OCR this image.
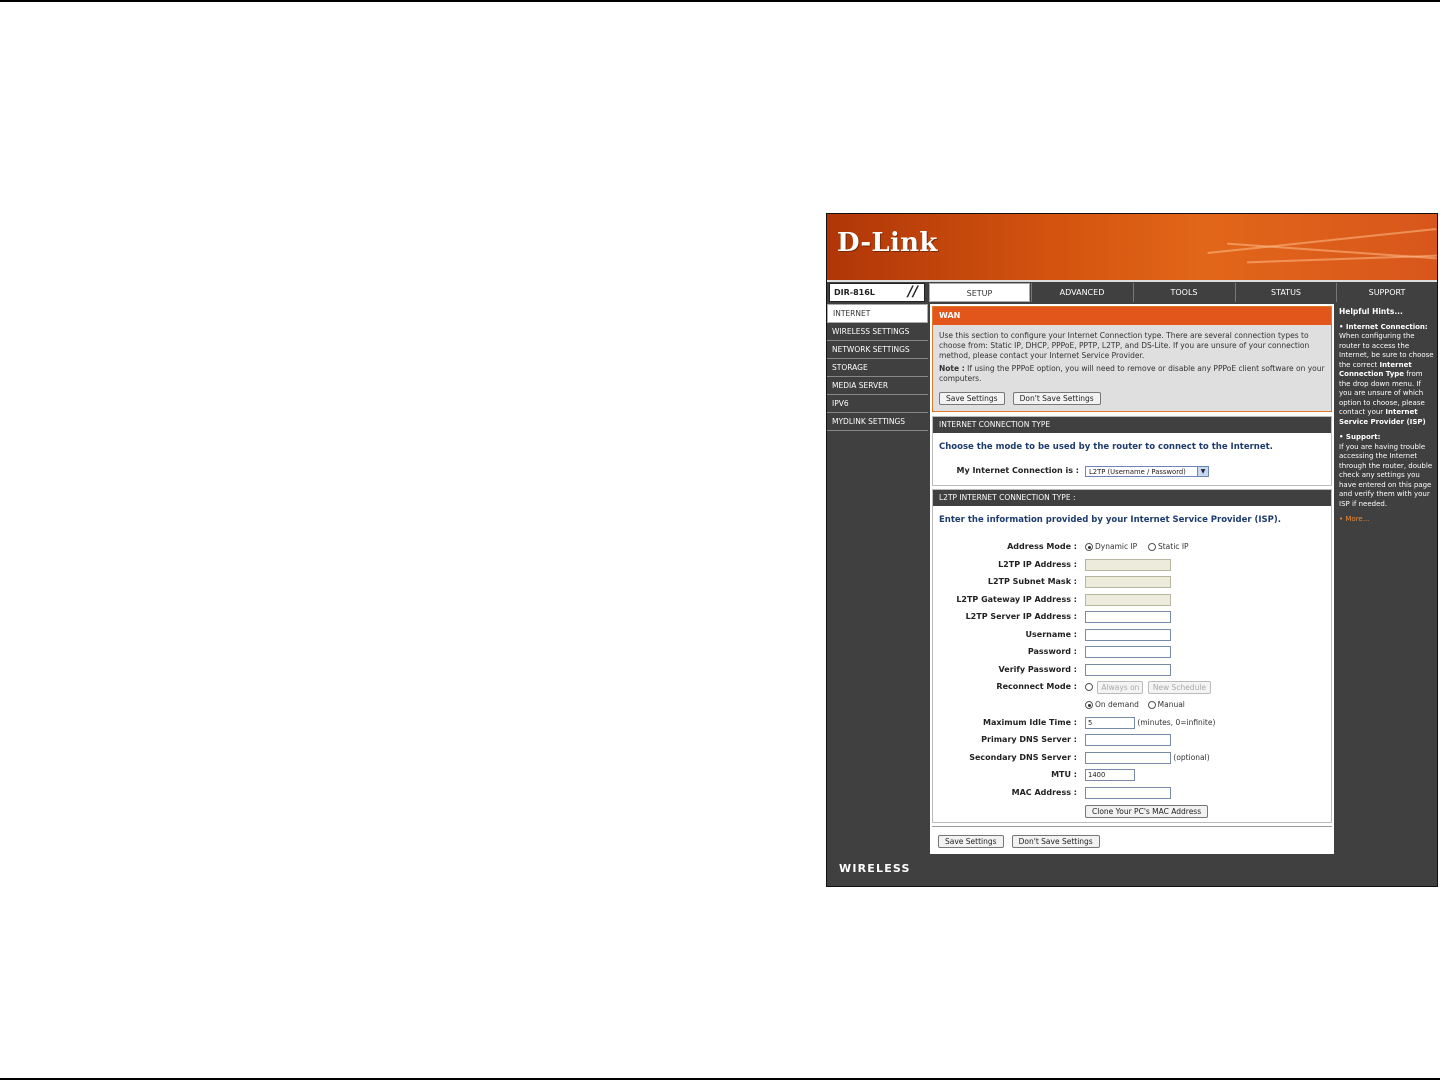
D-Link
DIR-816L //	SETUP	ADVANCED	TOOLS	STATUS	SUPPORT
INTERNET
WIRELESS SETTINGS
NETWORK SETTINGS
STORAGE
MEDIA SERVER
IPV6
MYDLINK SETTINGS
WAN
Use this section to configure your Internet Connection type. There are several connection types to choose from: Static IP, DHCP, PPPoE, PPTP, L2TP, and DS-Lite. If you are unsure of your connection method, please contact your Internet Service Provider.
Note : If using the PPPoE option, you will need to remove or disable any PPPoE client software on your computers.
Save Settings	Don't Save Settings
INTERNET CONNECTION TYPE
Choose the mode to be used by the router to connect to the Internet.
My Internet Connection is :	L2TP (Username / Password)	▼
L2TP INTERNET CONNECTION TYPE :
Enter the information provided by your Internet Service Provider (ISP).
Address Mode :	Dynamic IP	Static IP
L2TP IP Address :
L2TP Subnet Mask :
L2TP Gateway IP Address :
L2TP Server IP Address :
Username :
Password :
Verify Password :
Reconnect Mode :	Always on New Schedule
On demand	Manual
Maximum Idle Time :	5	(minutes, 0=infinite)
Primary DNS Server :
Secondary DNS Server :	(optional)
MTU :	1400
MAC Address :
Clone Your PC's MAC Address
Save Settings	Don't Save Settings
Helpful Hints...

• Internet Connection:
When configuring the router to access the Internet, be sure to choose the correct Internet Connection Type from the drop down menu. If you are unsure of which option to choose, please contact your Internet Service Provider (ISP)

• Support:
If you are having trouble accessing the Internet through the router, double check any settings you have entered on this page and verify them with your ISP if needed.

• More...
WIRELESS
